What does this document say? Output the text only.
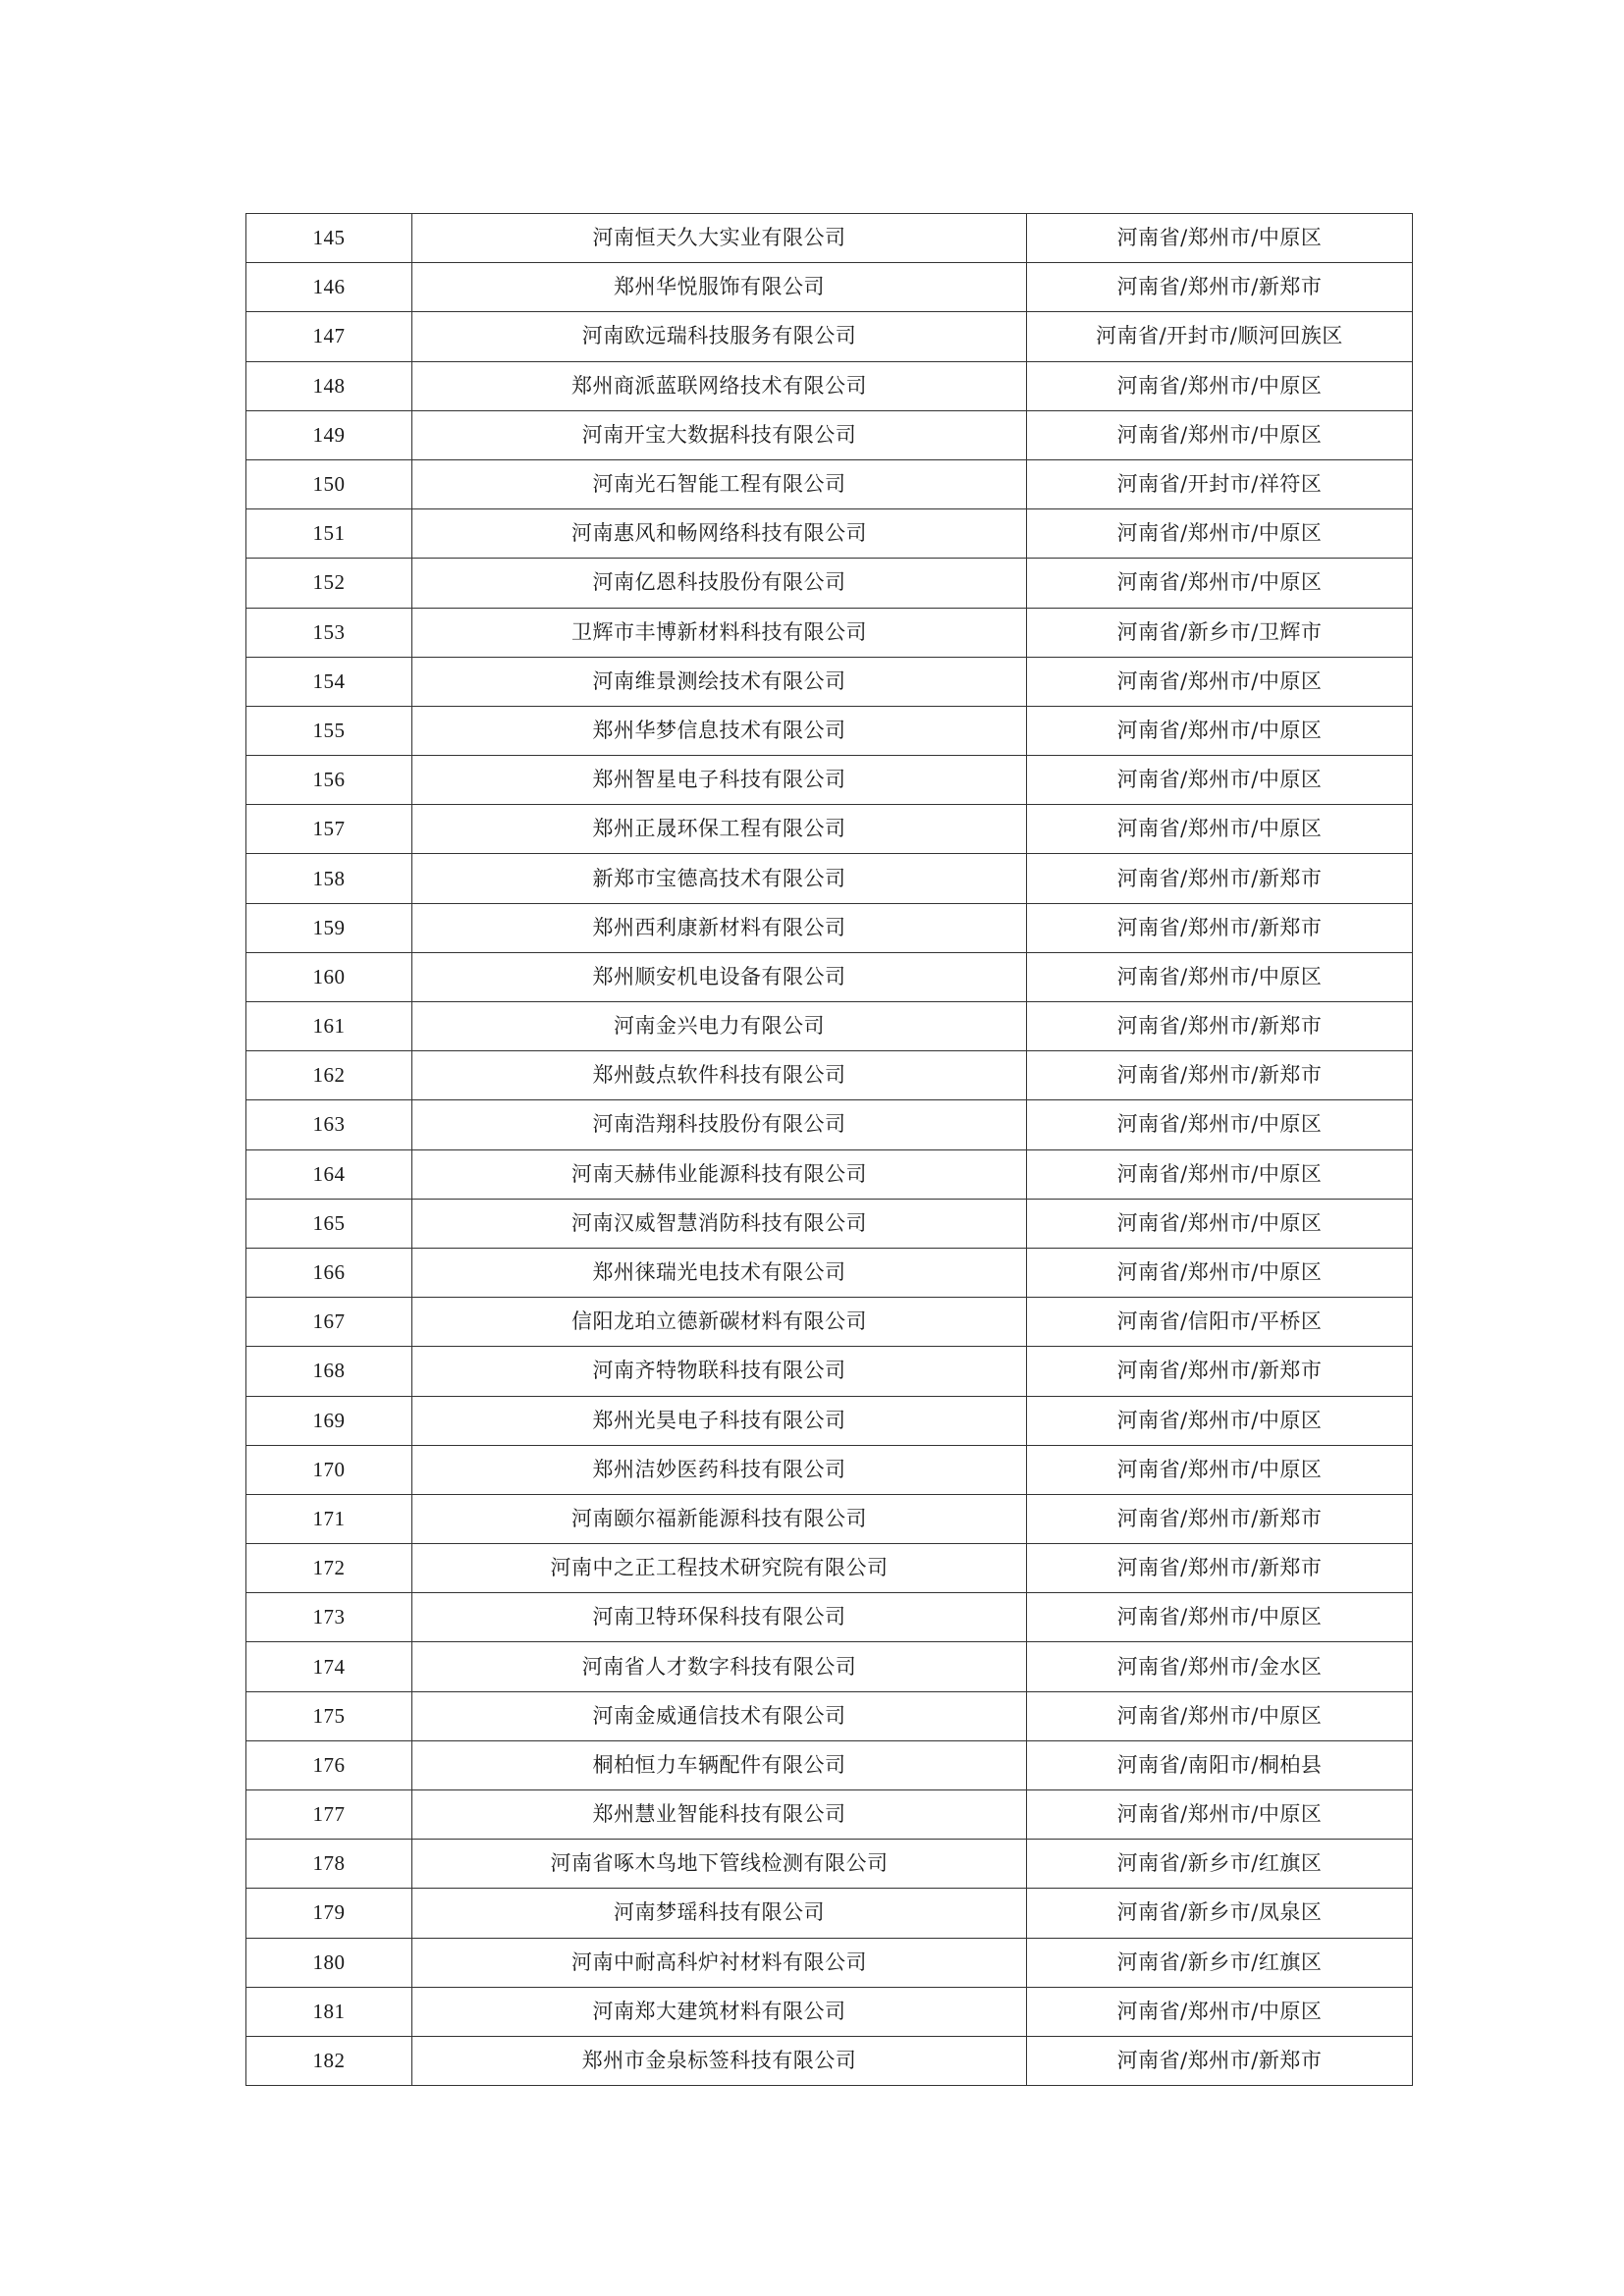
145	河南恒天久大实业有限公司	河南省/郑州市/中原区
146	郑州华悦服饰有限公司	河南省/郑州市/新郑市
147	河南欧远瑞科技服务有限公司	河南省/开封市/顺河回族区
148	郑州商派蓝联网络技术有限公司	河南省/郑州市/中原区
149	河南开宝大数据科技有限公司	河南省/郑州市/中原区
150	河南光石智能工程有限公司	河南省/开封市/祥符区
151	河南惠风和畅网络科技有限公司	河南省/郑州市/中原区
152	河南亿恩科技股份有限公司	河南省/郑州市/中原区
153	卫辉市丰博新材料科技有限公司	河南省/新乡市/卫辉市
154	河南维景测绘技术有限公司	河南省/郑州市/中原区
155	郑州华梦信息技术有限公司	河南省/郑州市/中原区
156	郑州智星电子科技有限公司	河南省/郑州市/中原区
157	郑州正晟环保工程有限公司	河南省/郑州市/中原区
158	新郑市宝德高技术有限公司	河南省/郑州市/新郑市
159	郑州西利康新材料有限公司	河南省/郑州市/新郑市
160	郑州顺安机电设备有限公司	河南省/郑州市/中原区
161	河南金兴电力有限公司	河南省/郑州市/新郑市
162	郑州鼓点软件科技有限公司	河南省/郑州市/新郑市
163	河南浩翔科技股份有限公司	河南省/郑州市/中原区
164	河南天赫伟业能源科技有限公司	河南省/郑州市/中原区
165	河南汉威智慧消防科技有限公司	河南省/郑州市/中原区
166	郑州徕瑞光电技术有限公司	河南省/郑州市/中原区
167	信阳龙珀立德新碳材料有限公司	河南省/信阳市/平桥区
168	河南齐特物联科技有限公司	河南省/郑州市/新郑市
169	郑州光昊电子科技有限公司	河南省/郑州市/中原区
170	郑州洁妙医药科技有限公司	河南省/郑州市/中原区
171	河南颐尔福新能源科技有限公司	河南省/郑州市/新郑市
172	河南中之正工程技术研究院有限公司	河南省/郑州市/新郑市
173	河南卫特环保科技有限公司	河南省/郑州市/中原区
174	河南省人才数字科技有限公司	河南省/郑州市/金水区
175	河南金威通信技术有限公司	河南省/郑州市/中原区
176	桐柏恒力车辆配件有限公司	河南省/南阳市/桐柏县
177	郑州慧业智能科技有限公司	河南省/郑州市/中原区
178	河南省啄木鸟地下管线检测有限公司	河南省/新乡市/红旗区
179	河南梦瑶科技有限公司	河南省/新乡市/凤泉区
180	河南中耐高科炉衬材料有限公司	河南省/新乡市/红旗区
181	河南郑大建筑材料有限公司	河南省/郑州市/中原区
182	郑州市金泉标签科技有限公司	河南省/郑州市/新郑市
